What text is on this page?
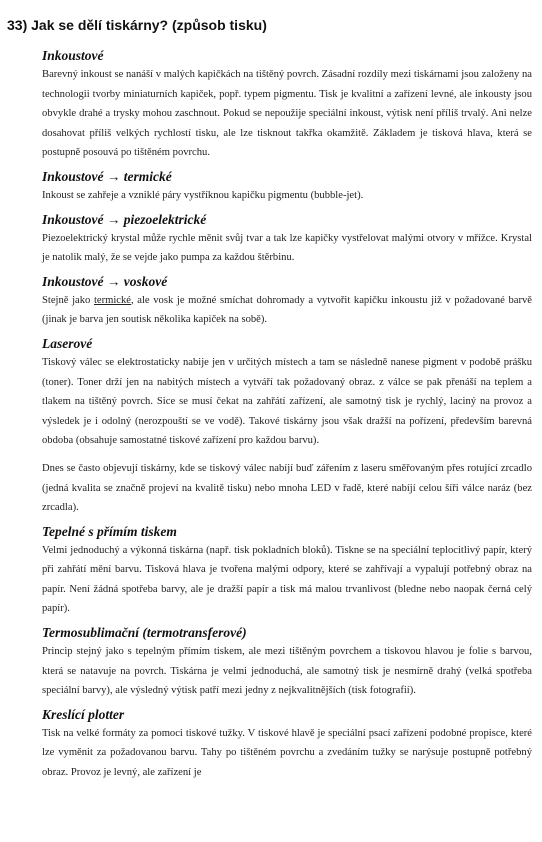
33) Jak se dělí tiskárny? (způsob tisku)
Inkoustové

Barevný inkoust se nanáší v malých kapičkách na tištěný povrch. Zásadní rozdíly mezi tiskárnami jsou založeny na technologii tvorby miniaturních kapiček, popř. typem pigmentu. Tisk je kvalitní a zařízení levné, ale inkousty jsou obvykle drahé a trysky mohou zaschnout. Pokud se nepoužije speciální inkoust, výtisk není příliš trvalý. Ani nelze dosahovat příliš velkých rychlostí tisku, ale lze tisknout takřka okamžitě. Základem je tisková hlava, která se postupně posouvá po tištěném povrchu.

Inkoustové → termické

Inkoust se zahřeje a vzniklé páry vystříknou kapičku pigmentu (bubble-jet).

Inkoustové → piezoelektrické

Piezoelektrický krystal může rychle měnit svůj tvar a tak lze kapičky vystřelovat malými otvory v mřížce. Krystal je natolik malý, že se vejde jako pumpa za každou štěrbinu.

Inkoustové → voskové

Stejně jako termické, ale vosk je možné smíchat dohromady a vytvořit kapičku inkoustu již v požadované barvě (jinak je barva jen soutisk několika kapiček na sobě).

Laserové

Tiskový válec se elektrostaticky nabije jen v určitých místech a tam se následně nanese pigment v podobě prášku (toner). Toner drží jen na nabitých místech a vytváří tak požadovaný obraz. z válce se pak přenáší na teplem a tlakem na tištěný povrch. Sice se musí čekat na zahřátí zařízení, ale samotný tisk je rychlý, laciný na provoz a výsledek je i odolný (nerozpouští se ve vodě). Takové tiskárny jsou však dražší na pořízení, především barevná obdoba (obsahuje samostatné tiskové zařízení pro každou barvu).

Dnes se často objevují tiskárny, kde se tiskový válec nabíjí buď zářením z laseru směřovaným přes rotující zrcadlo (jedná kvalita se značně projeví na kvalitě tisku) nebo mnoha LED v řadě, které nabíjí celou šíři válce naráz (bez zrcadla).

Tepelné s přímím tiskem

Velmi jednoduchý a výkonná tiskárna (např. tisk pokladních bloků). Tiskne se na speciální teplocitlivý papír, který při zahřátí mění barvu. Tisková hlava je tvořena malými odpory, které se zahřívají a vypalují potřebný obraz na papír. Není žádná spotřeba barvy, ale je dražší papír a tisk má malou trvanlivost (bledne nebo naopak černá celý papír).

Termosublimační (termotransferové)

Princip stejný jako s tepelným přímím tiskem, ale mezi tištěným povrchem a tiskovou hlavou je folie s barvou, která se natavuje na povrch. Tiskárna je velmi jednoduchá, ale samotný tisk je nesmírně drahý (velká spotřeba speciální barvy), ale výsledný výtisk patří mezi jedny z nejkvalitnějších (tisk fotografií).

Kreslící plotter

Tisk na velké formáty za pomoci tiskové tužky. V tiskové hlavě je speciální psací zařízení podobné propisce, které lze vyměnit za požadovanou barvu. Tahy po tištěném povrchu a zvedáním tužky se narýsuje postupně potřebný obraz. Provoz je levný, ale zařízení je
